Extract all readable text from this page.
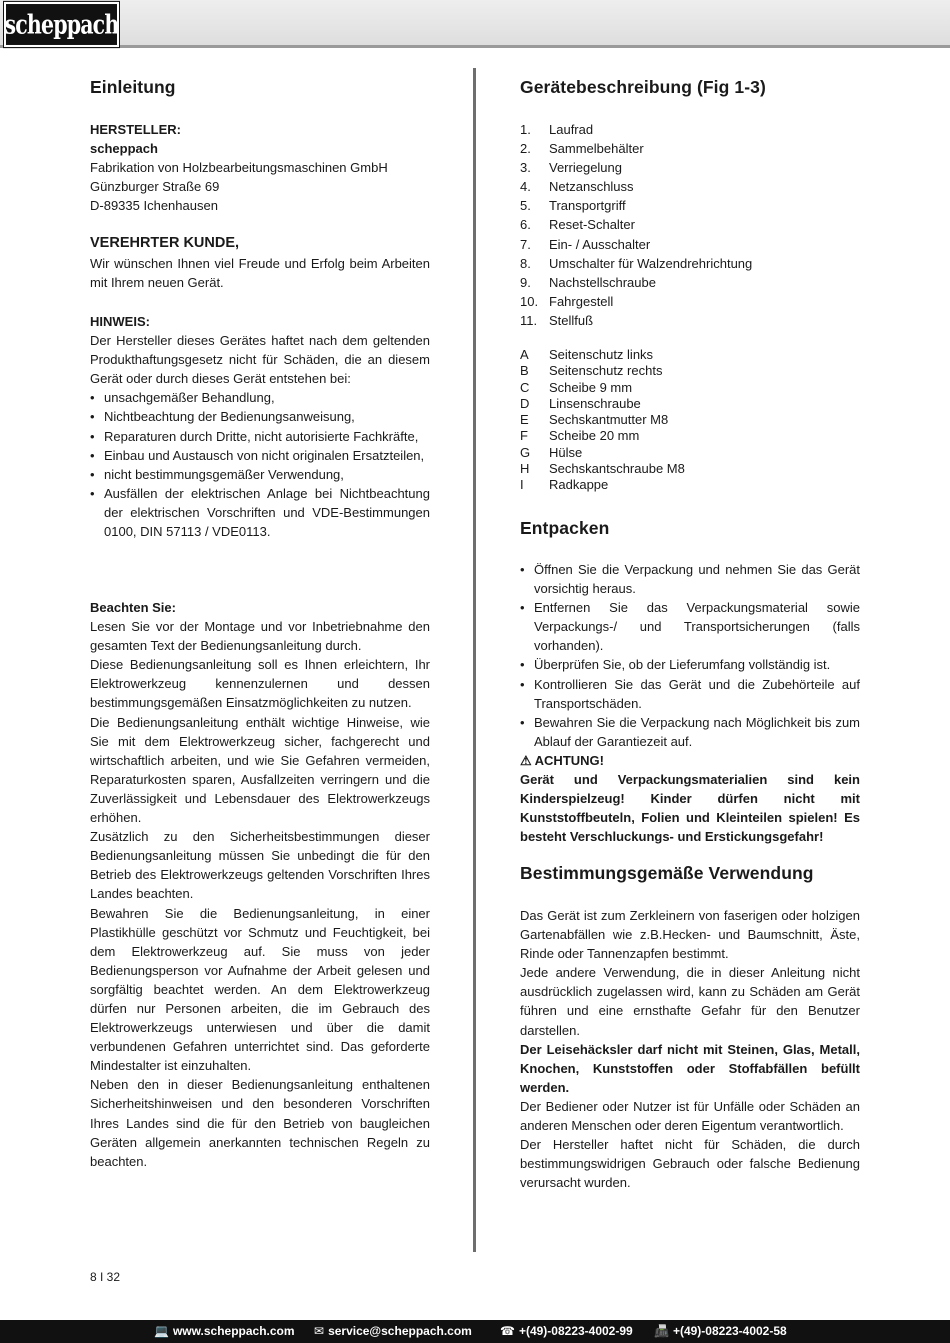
scheppach
Einleitung
HERSTELLER:
scheppach
Fabrikation von Holzbearbeitungsmaschinen GmbH
Günzburger Straße 69
D-89335 Ichenhausen
VEREHRTER KUNDE,
Wir wünschen Ihnen viel Freude und Erfolg beim Arbeiten mit Ihrem neuen Gerät.
HINWEIS:
Der Hersteller dieses Gerätes haftet nach dem geltenden Produkthaftungsgesetz nicht für Schäden, die an diesem Gerät oder durch dieses Gerät entstehen bei:
• unsachgemäßer Behandlung,
• Nichtbeachtung der Bedienungsanweisung,
• Reparaturen durch Dritte, nicht autorisierte Fachkräfte,
• Einbau und Austausch von nicht originalen Ersatzteilen,
• nicht bestimmungsgemäßer Verwendung,
• Ausfällen der elektrischen Anlage bei Nichtbeachtung der elektrischen Vorschriften und VDE-Bestimmungen 0100, DIN 57113 / VDE0113.
Beachten Sie:
Lesen Sie vor der Montage und vor Inbetriebnahme den gesamten Text der Bedienungsanleitung durch.
Diese Bedienungsanleitung soll es Ihnen erleichtern, Ihr Elektrowerkzeug kennenzulernen und dessen bestimmungsgemäßen Einsatzmöglichkeiten zu nutzen.
Die Bedienungsanleitung enthält wichtige Hinweise, wie Sie mit dem Elektrowerkzeug sicher, fachgerecht und wirtschaftlich arbeiten, und wie Sie Gefahren vermeiden, Reparaturkosten sparen, Ausfallzeiten verringern und die Zuverlässigkeit und Lebensdauer des Elektrowerkzeugs erhöhen.
Zusätzlich zu den Sicherheitsbestimmungen dieser Bedienungsanleitung müssen Sie unbedingt die für den Betrieb des Elektrowerkzeugs geltenden Vorschriften Ihres Landes beachten.
Bewahren Sie die Bedienungsanleitung, in einer Plastikhülle geschützt vor Schmutz und Feuchtigkeit, bei dem Elektrowerkzeug auf. Sie muss von jeder Bedienungsperson vor Aufnahme der Arbeit gelesen und sorgfältig beachtet werden. An dem Elektrowerkzeug dürfen nur Personen arbeiten, die im Gebrauch des Elektrowerkzeugs unterwiesen und über die damit verbundenen Gefahren unterrichtet sind. Das geforderte Mindestalter ist einzuhalten.
Neben den in dieser Bedienungsanleitung enthaltenen Sicherheitshinweisen und den besonderen Vorschriften Ihres Landes sind die für den Betrieb von baugleichen Geräten allgemein anerkannten technischen Regeln zu beachten.
Gerätebeschreibung (Fig 1-3)
1.	Laufrad
2.	Sammelbehälter
3.	Verriegelung
4.	Netzanschluss
5.	Transportgriff
6.	Reset-Schalter
7.	Ein- / Ausschalter
8.	Umschalter für Walzendrehrichtung
9.	Nachstellschraube
10. Fahrgestell
11. Stellfuß
A	Seitenschutz links
B	Seitenschutz rechts
C	Scheibe 9 mm
D	Linsenschraube
E	Sechskantmutter M8
F	Scheibe 20 mm
G	Hülse
H	Sechskantschraube M8
I	Radkappe
Entpacken
• Öffnen Sie die Verpackung und nehmen Sie das Gerät vorsichtig heraus.
• Entfernen Sie das Verpackungsmaterial sowie Verpackungs-/ und Transportsicherungen (falls vorhanden).
• Überprüfen Sie, ob der Lieferumfang vollständig ist.
• Kontrollieren Sie das Gerät und die Zubehörteile auf Transportschäden.
• Bewahren Sie die Verpackung nach Möglichkeit bis zum Ablauf der Garantiezeit auf.
⚠ ACHTUNG!
Gerät und Verpackungsmaterialien sind kein Kinderspielzeug! Kinder dürfen nicht mit Kunststoffbeuteln, Folien und Kleinteilen spielen! Es besteht Verschluckungs- und Erstickungsgefahr!
Bestimmungsgemäße Verwendung
Das Gerät ist zum Zerkleinern von faserigen oder holzigen Gartenabfällen wie z.B.Hecken- und Baumschnitt, Äste, Rinde oder Tannenzapfen bestimmt.
Jede andere Verwendung, die in dieser Anleitung nicht ausdrücklich zugelassen wird, kann zu Schäden am Gerät führen und eine ernsthafte Gefahr für den Benutzer darstellen.
Der Leisehäcksler darf nicht mit Steinen, Glas, Metall, Knochen, Kunststoffen oder Stoffabfällen befüllt werden.
Der Bediener oder Nutzer ist für Unfälle oder Schäden an anderen Menschen oder deren Eigentum verantwortlich.
Der Hersteller haftet nicht für Schäden, die durch bestimmungswidrigen Gebrauch oder falsche Bedienung verursacht wurden.
8 I 32
💻 www.scheppach.com ✉ service@scheppach.com ☎ +(49)-08223-4002-99 📠 +(49)-08223-4002-58
